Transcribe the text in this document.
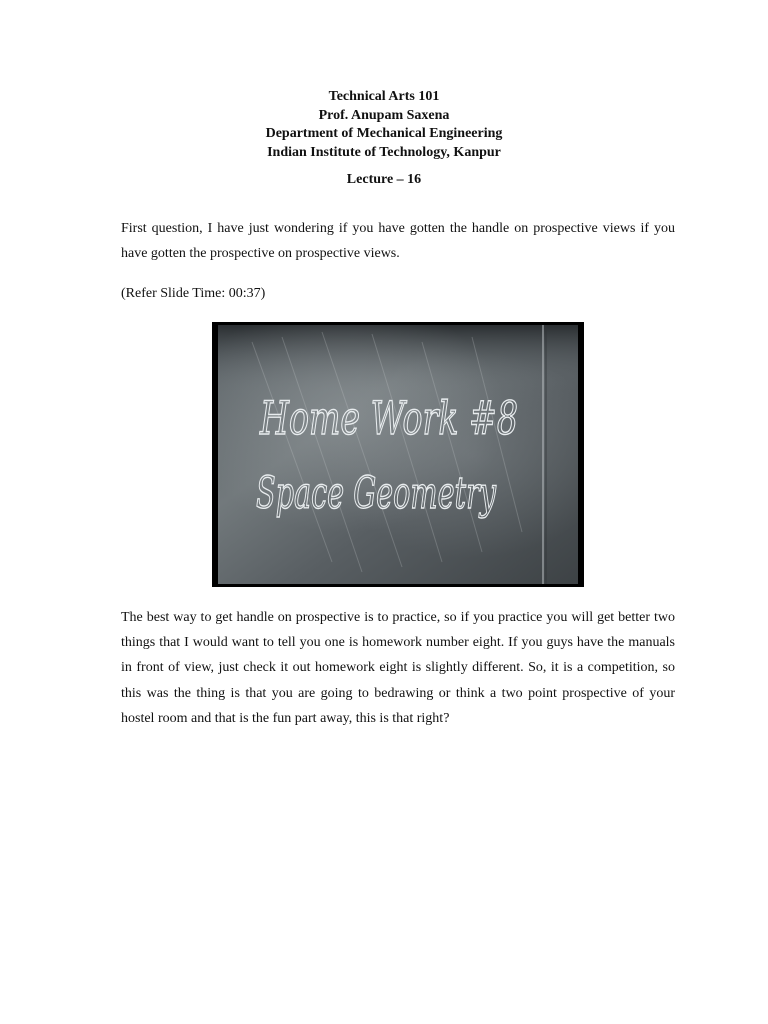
Technical Arts 101
Prof. Anupam Saxena
Department of Mechanical Engineering
Indian Institute of Technology, Kanpur
Lecture – 16

First question, I have just wondering if you have gotten the handle on prospective views if you have gotten the prospective on prospective views.

(Refer Slide Time: 00:37)

Home Work #8
Space Geometry

The best way to get handle on prospective is to practice, so if you practice you will get better two things that I would want to tell you one is homework number eight. If you guys have the manuals in front of view, just check it out homework eight is slightly different. So, it is a competition, so this was the thing is that you are going to bedrawing or think a two point prospective of your hostel room and that is the fun part away, this is that right?
